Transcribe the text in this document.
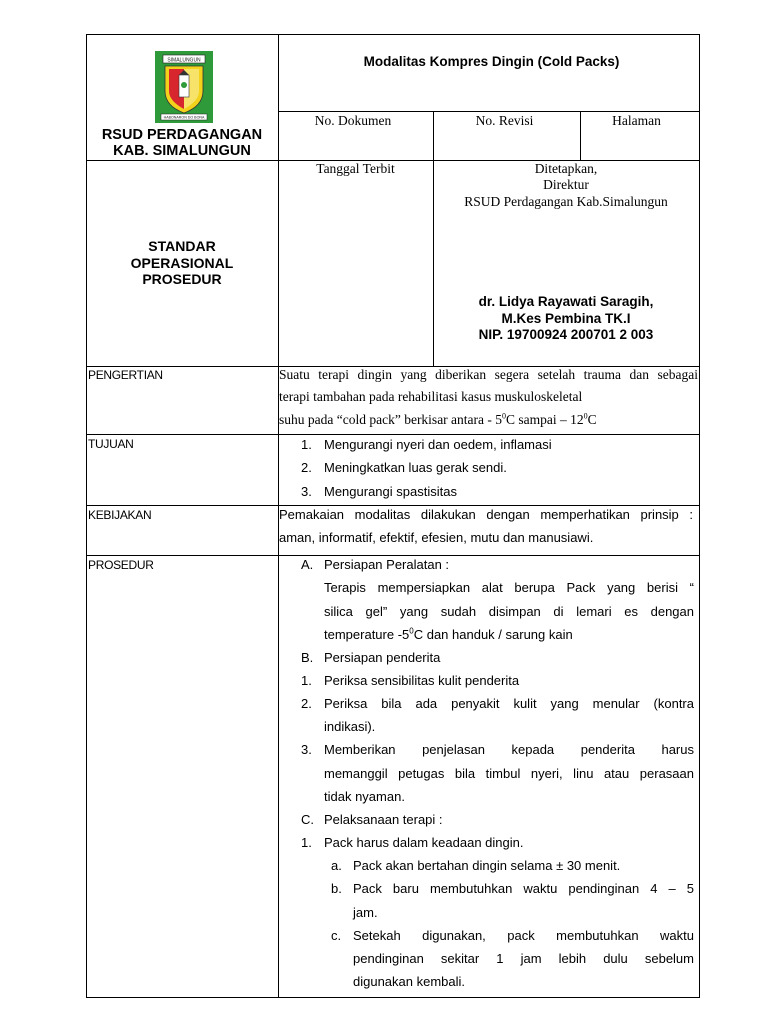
SIMALUNGUN
HABONARON DO BONA
RSUD PERDAGANGAN
KAB. SIMALUNGUN
Modalitas Kompres Dingin (Cold Packs)
No. Dokumen	No. Revisi	Halaman
STANDAR
OPERASIONAL
PROSEDUR
Tanggal Terbit	Ditetapkan,
Direktur
RSUD Perdagangan Kab.Simalungun
dr. Lidya Rayawati Saragih,
M.Kes Pembina TK.I
NIP. 19700924 200701 2 003
PENGERTIAN	Suatu terapi dingin yang diberikan segera setelah trauma dan sebagai
terapi tambahan pada rehabilitasi kasus muskuloskeletal
suhu pada “cold pack” berkisar antara - $5^0C$ sampai – $12^0C$
TUJUAN	1. Mengurangi nyeri dan oedem, inflamasi
2. Meningkatkan luas gerak sendi.
3. Mengurangi spastisitas
KEBIJAKAN	Pemakaian modalitas dilakukan dengan memperhatikan prinsip :
aman, informatif, efektif, efesien, mutu dan manusiawi.
PROSEDUR	A. Persiapan Peralatan :
Terapis mempersiapkan alat berupa Pack yang berisi “
silica gel” yang sudah disimpan di lemari es dengan
temperature $-5^0C$ dan handuk / sarung kain
B. Persiapan penderita
1. Periksa sensibilitas kulit penderita
2. Periksa bila ada penyakit kulit yang menular (kontra
indikasi).
3. Memberikan penjelasan kepada penderita harus
memanggil petugas bila timbul nyeri, linu atau perasaan
tidak nyaman.
C. Pelaksanaan terapi :
1. Pack harus dalam keadaan dingin.
a. Pack akan bertahan dingin selama ± 30 menit.
b. Pack baru membutuhkan waktu pendinginan 4 – 5
jam.
c. Setekah digunakan, pack membutuhkan waktu
pendinginan sekitar 1 jam lebih dulu sebelum
digunakan kembali.
